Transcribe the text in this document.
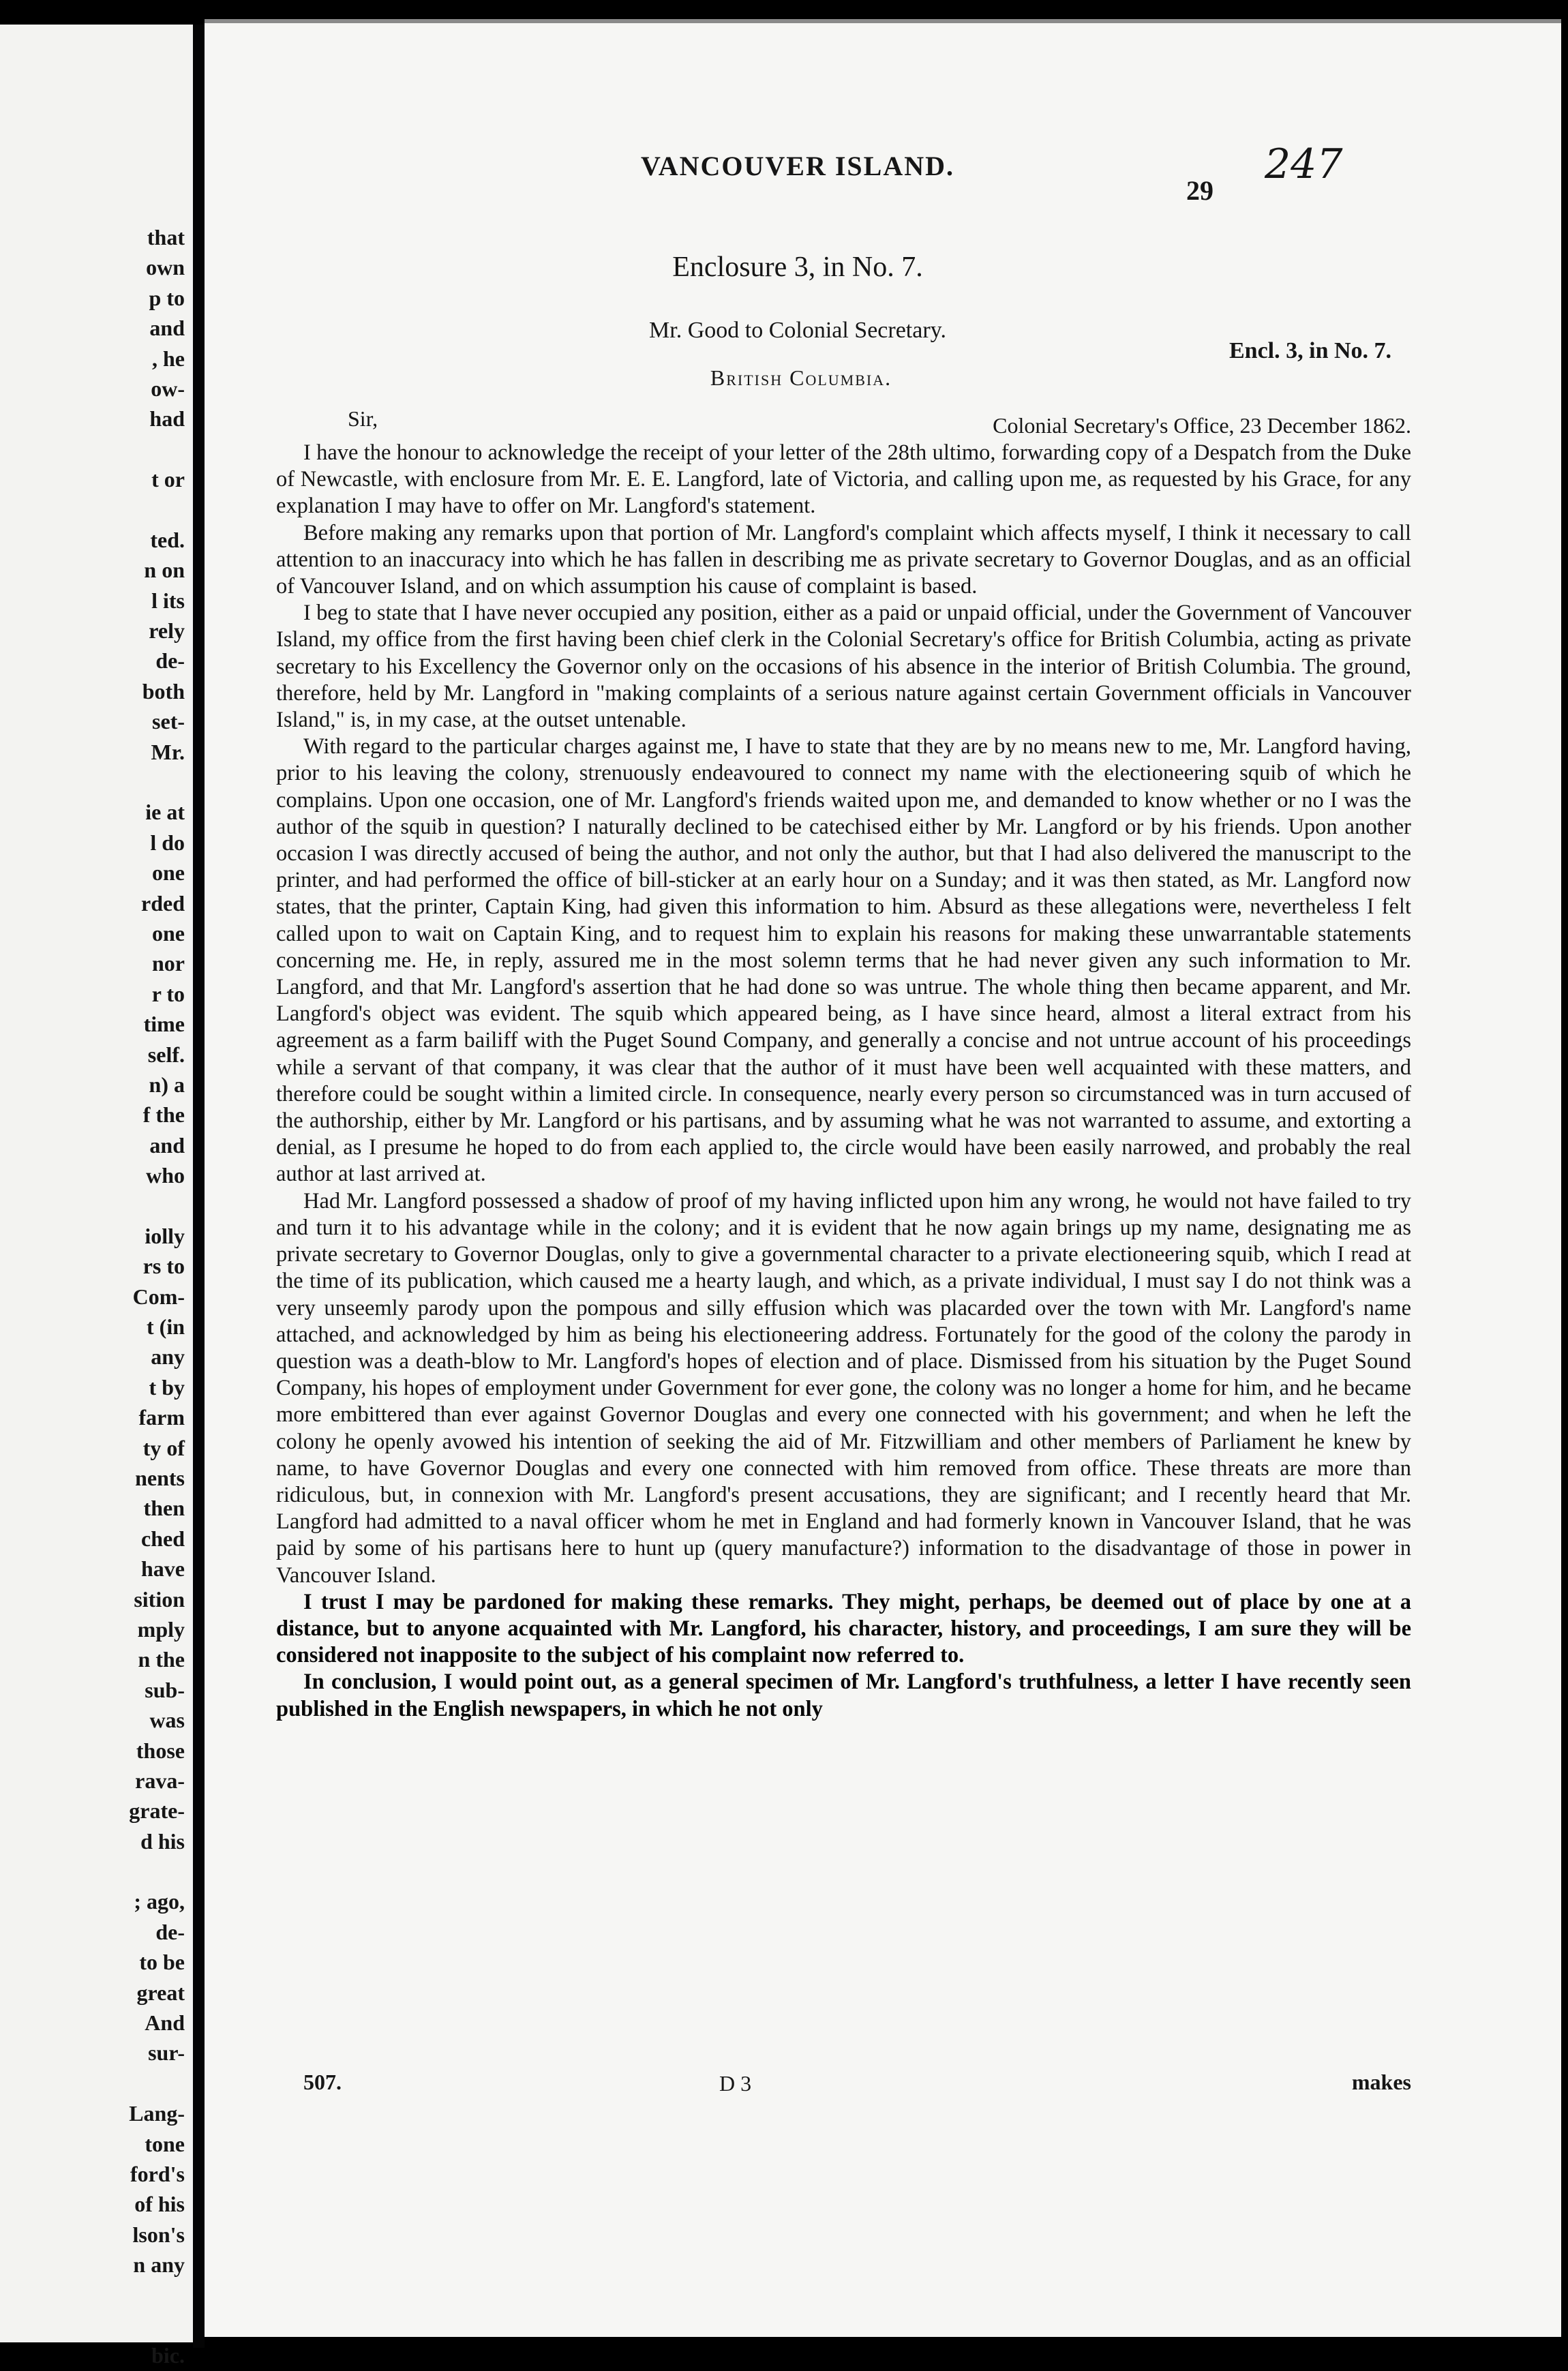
that
own
p to
and
, he
ow-
had
t or
ted.
n on
l its
rely
de-
both
set-
Mr.
ie at
l do
one
rded
one
nor
r to
time
self.
n) a
f the
and
who
iolly
rs to
Com-
t (in
any
t by
farm
ty of
nents
then
ched
have
sition
mply
n the
sub-
was
those
rava-
grate-
d his
; ago,
de-
to be
great
And
sur-
Lang-
tone
ford's
of his
lson's
n any
bic.
VANCOUVER ISLAND.
29
247
Enclosure 3, in No. 7.
Encl. 3, in No. 7.
Mr. Good to Colonial Secretary.
British Columbia.
Sir,	Colonial Secretary's Office, 23 December 1862.

I have the honour to acknowledge the receipt of your letter of the 28th ultimo, forwarding copy of a Despatch from the Duke of Newcastle, with enclosure from Mr. E. E. Langford, late of Victoria, and calling upon me, as requested by his Grace, for any explanation I may have to offer on Mr. Langford's statement.

Before making any remarks upon that portion of Mr. Langford's complaint which affects myself, I think it necessary to call attention to an inaccuracy into which he has fallen in describing me as private secretary to Governor Douglas, and as an official of Vancouver Island, and on which assumption his cause of complaint is based.

I beg to state that I have never occupied any position, either as a paid or unpaid official, under the Government of Vancouver Island, my office from the first having been chief clerk in the Colonial Secretary's office for British Columbia, acting as private secretary to his Excellency the Governor only on the occasions of his absence in the interior of British Columbia. The ground, therefore, held by Mr. Langford in "making complaints of a serious nature against certain Government officials in Vancouver Island," is, in my case, at the outset untenable.

With regard to the particular charges against me, I have to state that they are by no means new to me, Mr. Langford having, prior to his leaving the colony, strenuously endeavoured to connect my name with the electioneering squib of which he complains. Upon one occasion, one of Mr. Langford's friends waited upon me, and demanded to know whether or no I was the author of the squib in question? I naturally declined to be catechised either by Mr. Langford or by his friends. Upon another occasion I was directly accused of being the author, and not only the author, but that I had also delivered the manuscript to the printer, and had performed the office of bill-sticker at an early hour on a Sunday; and it was then stated, as Mr. Langford now states, that the printer, Captain King, had given this information to him. Absurd as these allegations were, nevertheless I felt called upon to wait on Captain King, and to request him to explain his reasons for making these unwarrantable statements concerning me. He, in reply, assured me in the most solemn terms that he had never given any such information to Mr. Langford, and that Mr. Langford's assertion that he had done so was untrue. The whole thing then became apparent, and Mr. Langford's object was evident. The squib which appeared being, as I have since heard, almost a literal extract from his agreement as a farm bailiff with the Puget Sound Company, and generally a concise and not untrue account of his proceedings while a servant of that company, it was clear that the author of it must have been well acquainted with these matters, and therefore could be sought within a limited circle. In consequence, nearly every person so circumstanced was in turn accused of the authorship, either by Mr. Langford or his partisans, and by assuming what he was not warranted to assume, and extorting a denial, as I presume he hoped to do from each applied to, the circle would have been easily narrowed, and probably the real author at last arrived at.

Had Mr. Langford possessed a shadow of proof of my having inflicted upon him any wrong, he would not have failed to try and turn it to his advantage while in the colony; and it is evident that he now again brings up my name, designating me as private secretary to Governor Douglas, only to give a governmental character to a private electioneering squib, which I read at the time of its publication, which caused me a hearty laugh, and which, as a private individual, I must say I do not think was a very unseemly parody upon the pompous and silly effusion which was placarded over the town with Mr. Langford's name attached, and acknowledged by him as being his electioneering address. Fortunately for the good of the colony the parody in question was a death-blow to Mr. Langford's hopes of election and of place. Dismissed from his situation by the Puget Sound Company, his hopes of employment under Government for ever gone, the colony was no longer a home for him, and he became more embittered than ever against Governor Douglas and every one connected with his government; and when he left the colony he openly avowed his intention of seeking the aid of Mr. Fitzwilliam and other members of Parliament he knew by name, to have Governor Douglas and every one connected with him removed from office. These threats are more than ridiculous, but, in connexion with Mr. Langford's present accusations, they are significant; and I recently heard that Mr. Langford had admitted to a naval officer whom he met in England and had formerly known in Vancouver Island, that he was paid by some of his partisans here to hunt up (query manufacture?) information to the disadvantage of those in power in Vancouver Island.

I trust I may be pardoned for making these remarks. They might, perhaps, be deemed out of place by one at a distance, but to anyone acquainted with Mr. Langford, his character, history, and proceedings, I am sure they will be considered not inapposite to the subject of his complaint now referred to.

In conclusion, I would point out, as a general specimen of Mr. Langford's truthfulness, a letter I have recently seen published in the English newspapers, in which he not only

507.	D 3	makes
